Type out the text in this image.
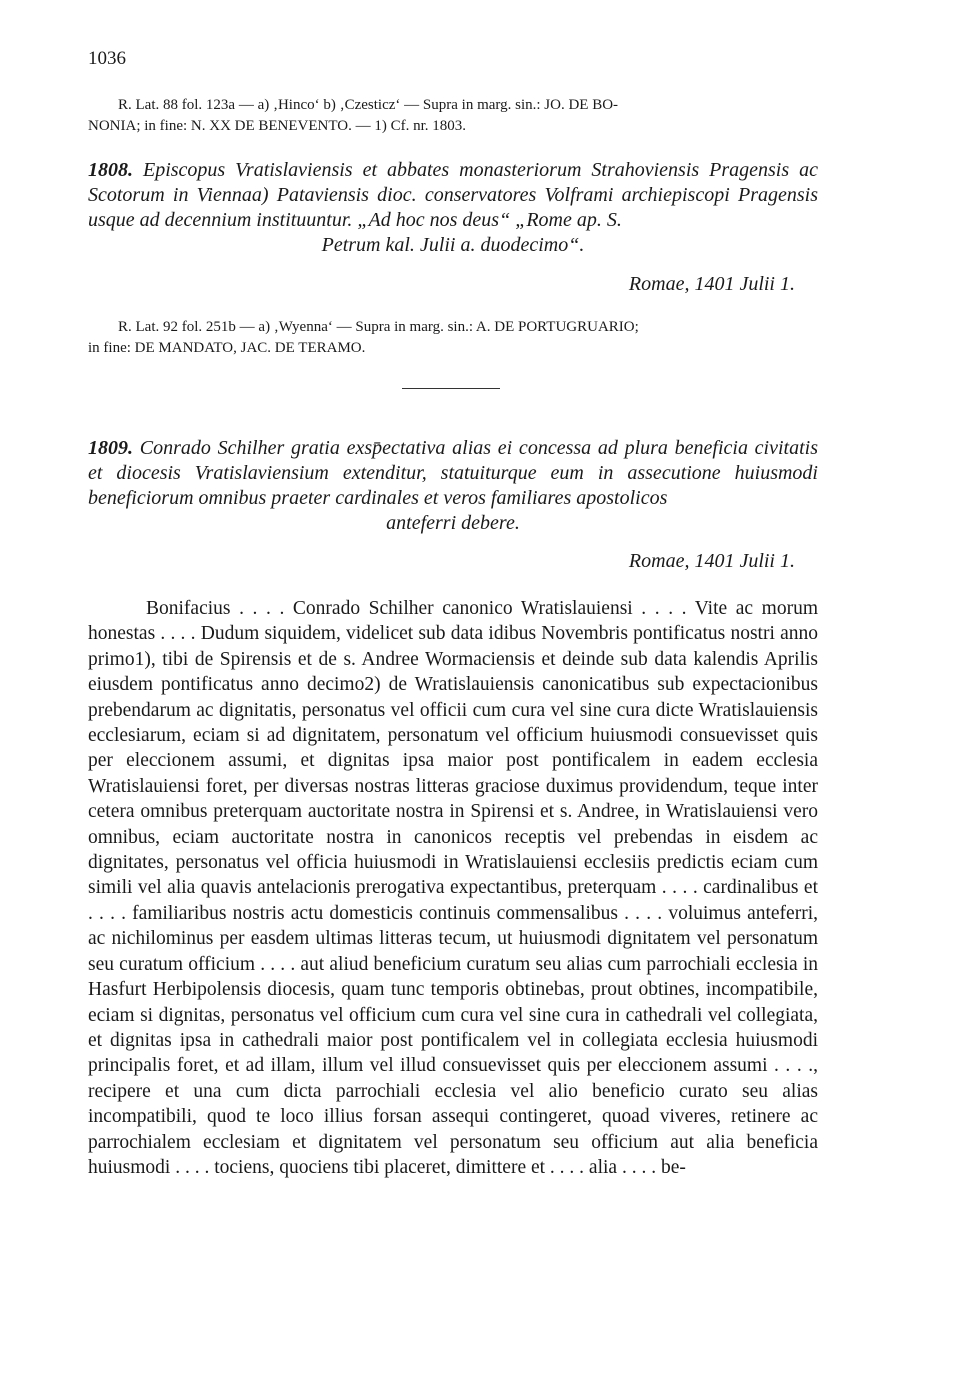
1036
R. Lat. 88 fol. 123a — a) ‚Hinco‘ b) ‚Czesticz‘ — Supra in marg. sin.: JO. DE BO-
NONIA; in fine: N. XX DE BENEVENTO. — 1) Cf. nr. 1803.
1808. Episcopus Vratislaviensis et abbates monasteriorum Strahoviensis Pragensis ac Scotorum in Viennaa) Pataviensis dioc. conservatores Volframi archiepiscopi Pragensis usque ad decennium instituuntur. „Ad hoc nos deus“ „Rome ap. S.
Petrum kal. Julii a. duodecimo“.
Romae, 1401 Julii 1.
R. Lat. 92 fol. 251b — a) ‚Wyenna‘ — Supra in marg. sin.: A. DE PORTUGRUARIO;
in fine: DE MANDATO, JAC. DE TERAMO.
1809. Conrado Schilher gratia exsp̄ectativa alias ei concessa ad plura beneficia civitatis et diocesis Vratislaviensium extenditur, statuiturque eum in assecutione huiusmodi beneficiorum omnibus praeter cardinales et veros familiares apostolicos
anteferri debere.
Romae, 1401 Julii 1.

Bonifacius . . . . Conrado Schilher canonico Wratislauiensi . . . . Vite ac morum honestas . . . . Dudum siquidem, videlicet sub data idibus Novembris pontificatus nostri anno primo1), tibi de Spirensis et de s. Andree Wormaciensis et deinde sub data kalendis Aprilis eiusdem pontificatus anno decimo2) de Wratislauiensis canonicatibus sub expectacionibus prebendarum ac dignitatis, personatus vel officii cum cura vel sine cura dicte Wratislauiensis ecclesiarum, eciam si ad dignitatem, personatum vel officium huiusmodi consuevisset quis per eleccionem assumi, et dignitas ipsa maior post pontificalem in eadem ecclesia Wratislauiensi foret, per diversas nostras litteras graciose duximus providendum, teque inter cetera omnibus preterquam auctoritate nostra in Spirensi et s. Andree, in Wratislauiensi vero omnibus, eciam auctoritate nostra in canonicos receptis vel prebendas in eisdem ac dignitates, personatus vel officia huiusmodi in Wratislauiensi ecclesiis predictis eciam cum simili vel alia quavis antelacionis prerogativa expectantibus, preterquam . . . . cardinalibus et . . . . familiaribus nostris actu domesticis continuis commensalibus . . . . voluimus anteferri, ac nichilominus per easdem ultimas litteras tecum, ut huiusmodi dignitatem vel personatum seu curatum officium . . . . aut aliud beneficium curatum seu alias cum parrochiali ecclesia in Hasfurt Herbipolensis diocesis, quam tunc temporis obtinebas, prout obtines, incompatibile, eciam si dignitas, personatus vel officium cum cura vel sine cura in cathedrali vel collegiata, et dignitas ipsa in cathedrali maior post pontificalem vel in collegiata ecclesia huiusmodi principalis foret, et ad illam, illum vel illud consuevisset quis per eleccionem assumi . . . ., recipere et una cum dicta parrochiali ecclesia vel alio beneficio curato seu alias incompatibili, quod te loco illius forsan assequi contingeret, quoad viveres, retinere ac parrochialem ecclesiam et dignitatem vel personatum seu officium aut alia beneficia huiusmodi . . . . tociens, quociens tibi placeret, dimittere et . . . . alia . . . . be-
